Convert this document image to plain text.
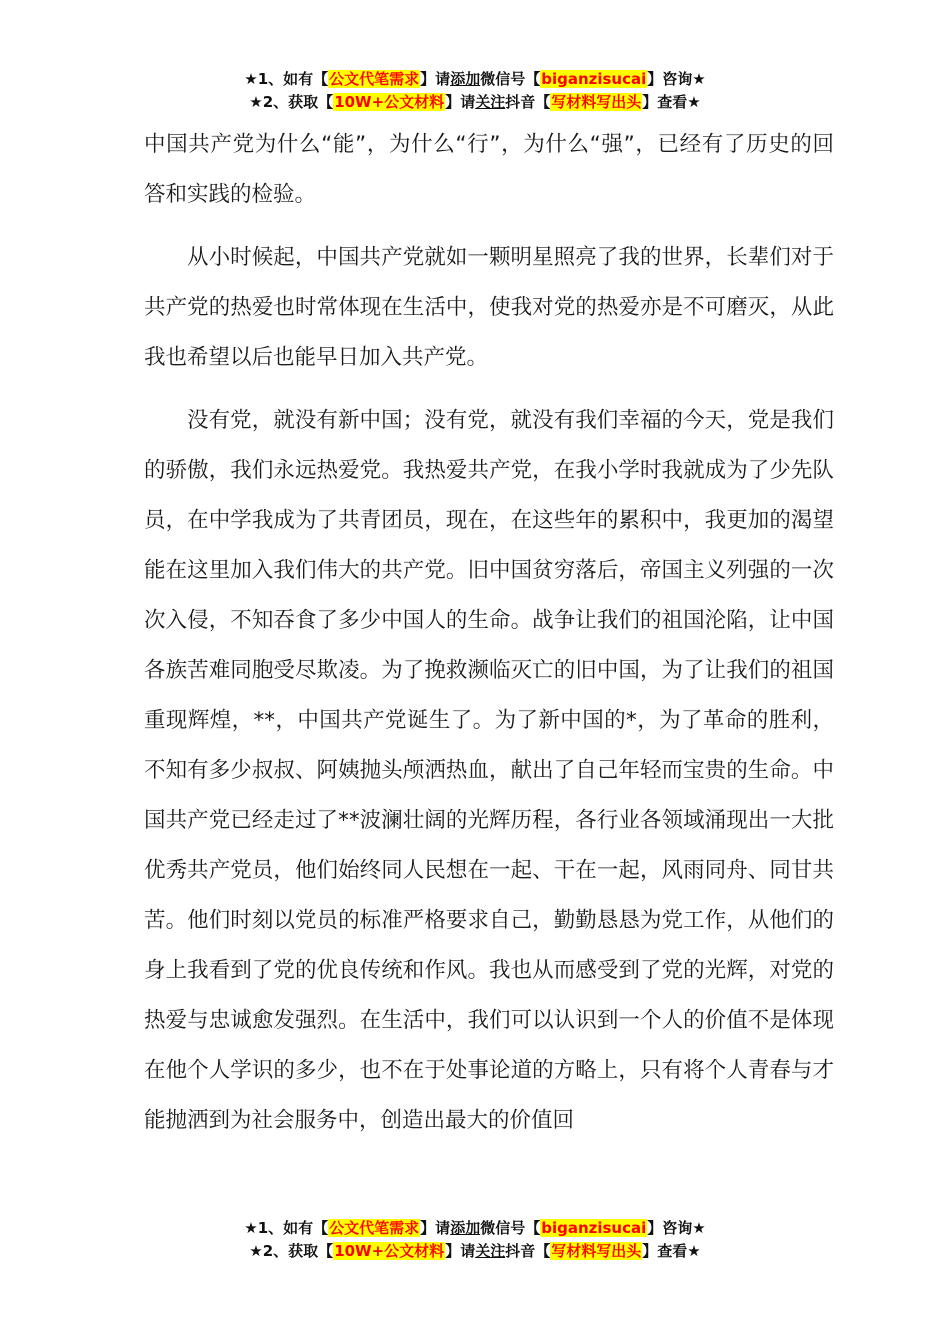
★1、如有【公文代笔需求】请添加微信号【biganzisucai】咨询★
★2、获取【10W+公文材料】请关注抖音【写材料写出头】查看★

中国共产党为什么“能”，为什么“行”，为什么“强”，已经有了历史的回答和实践的检验。

从小时候起，中国共产党就如一颗明星照亮了我的世界，长辈们对于共产党的热爱也时常体现在生活中，使我对党的热爱亦是不可磨灭，从此我也希望以后也能早日加入共产党。

没有党，就没有新中国；没有党，就没有我们幸福的今天，党是我们的骄傲，我们永远热爱党。我热爱共产党，在我小学时我就成为了少先队员，在中学我成为了共青团员，现在，在这些年的累积中，我更加的渴望能在这里加入我们伟大的共产党。旧中国贫穷落后，帝国主义列强的一次次入侵，不知吞食了多少中国人的生命。战争让我们的祖国沦陷，让中国各族苦难同胞受尽欺凌。为了挽救濒临灭亡的旧中国，为了让我们的祖国重现辉煌，**，中国共产党诞生了。为了新中国的*，为了革命的胜利，不知有多少叔叔、阿姨抛头颅洒热血，献出了自己年轻而宝贵的生命。中国共产党已经走过了**波澜壮阔的光辉历程，各行业各领域涌现出一大批优秀共产党员，他们始终同人民想在一起、干在一起，风雨同舟、同甘共苦。他们时刻以党员的标准严格要求自己，勤勤恳恳为党工作，从他们的身上我看到了党的优良传统和作风。我也从而感受到了党的光辉，对党的热爱与忠诚愈发强烈。在生活中，我们可以认识到一个人的价值不是体现在他个人学识的多少，也不在于处事论道的方略上，只有将个人青春与才能抛洒到为社会服务中，创造出最大的价值回

★1、如有【公文代笔需求】请添加微信号【biganzisucai】咨询★
★2、获取【10W+公文材料】请关注抖音【写材料写出头】查看★
